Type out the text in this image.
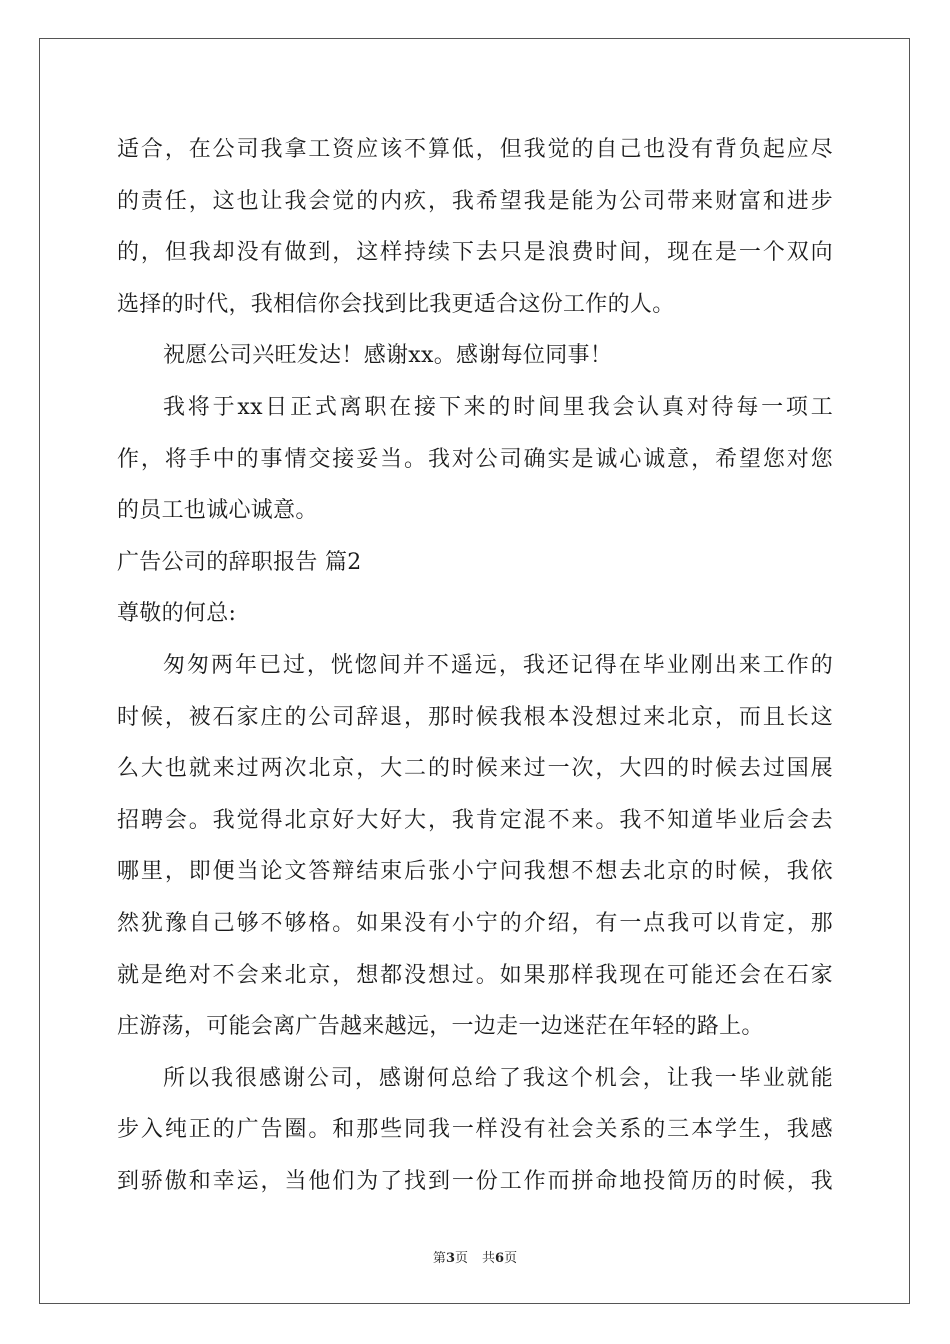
适合，在公司我拿工资应该不算低，但我觉的自己也没有背负起应尽
的责任，这也让我会觉的内疚，我希望我是能为公司带来财富和进步
的，但我却没有做到，这样持续下去只是浪费时间，现在是一个双向
选择的时代，我相信你会找到比我更适合这份工作的人。
祝愿公司兴旺发达！感谢xx。感谢每位同事！
我将于xx日正式离职在接下来的时间里我会认真对待每一项工
作，将手中的事情交接妥当。我对公司确实是诚心诚意，希望您对您
的员工也诚心诚意。
广告公司的辞职报告 篇2
尊敬的何总:
匆匆两年已过，恍惚间并不遥远，我还记得在毕业刚出来工作的
时候，被石家庄的公司辞退，那时候我根本没想过来北京，而且长这
么大也就来过两次北京，大二的时候来过一次，大四的时候去过国展
招聘会。我觉得北京好大好大，我肯定混不来。我不知道毕业后会去
哪里，即便当论文答辩结束后张小宁问我想不想去北京的时候，我依
然犹豫自己够不够格。如果没有小宁的介绍，有一点我可以肯定，那
就是绝对不会来北京，想都没想过。如果那样我现在可能还会在石家
庄游荡，可能会离广告越来越远，一边走一边迷茫在年轻的路上。
所以我很感谢公司，感谢何总给了我这个机会，让我一毕业就能
步入纯正的广告圈。和那些同我一样没有社会关系的三本学生，我感
到骄傲和幸运，当他们为了找到一份工作而拼命地投简历的时候，我
第3页 共6页
